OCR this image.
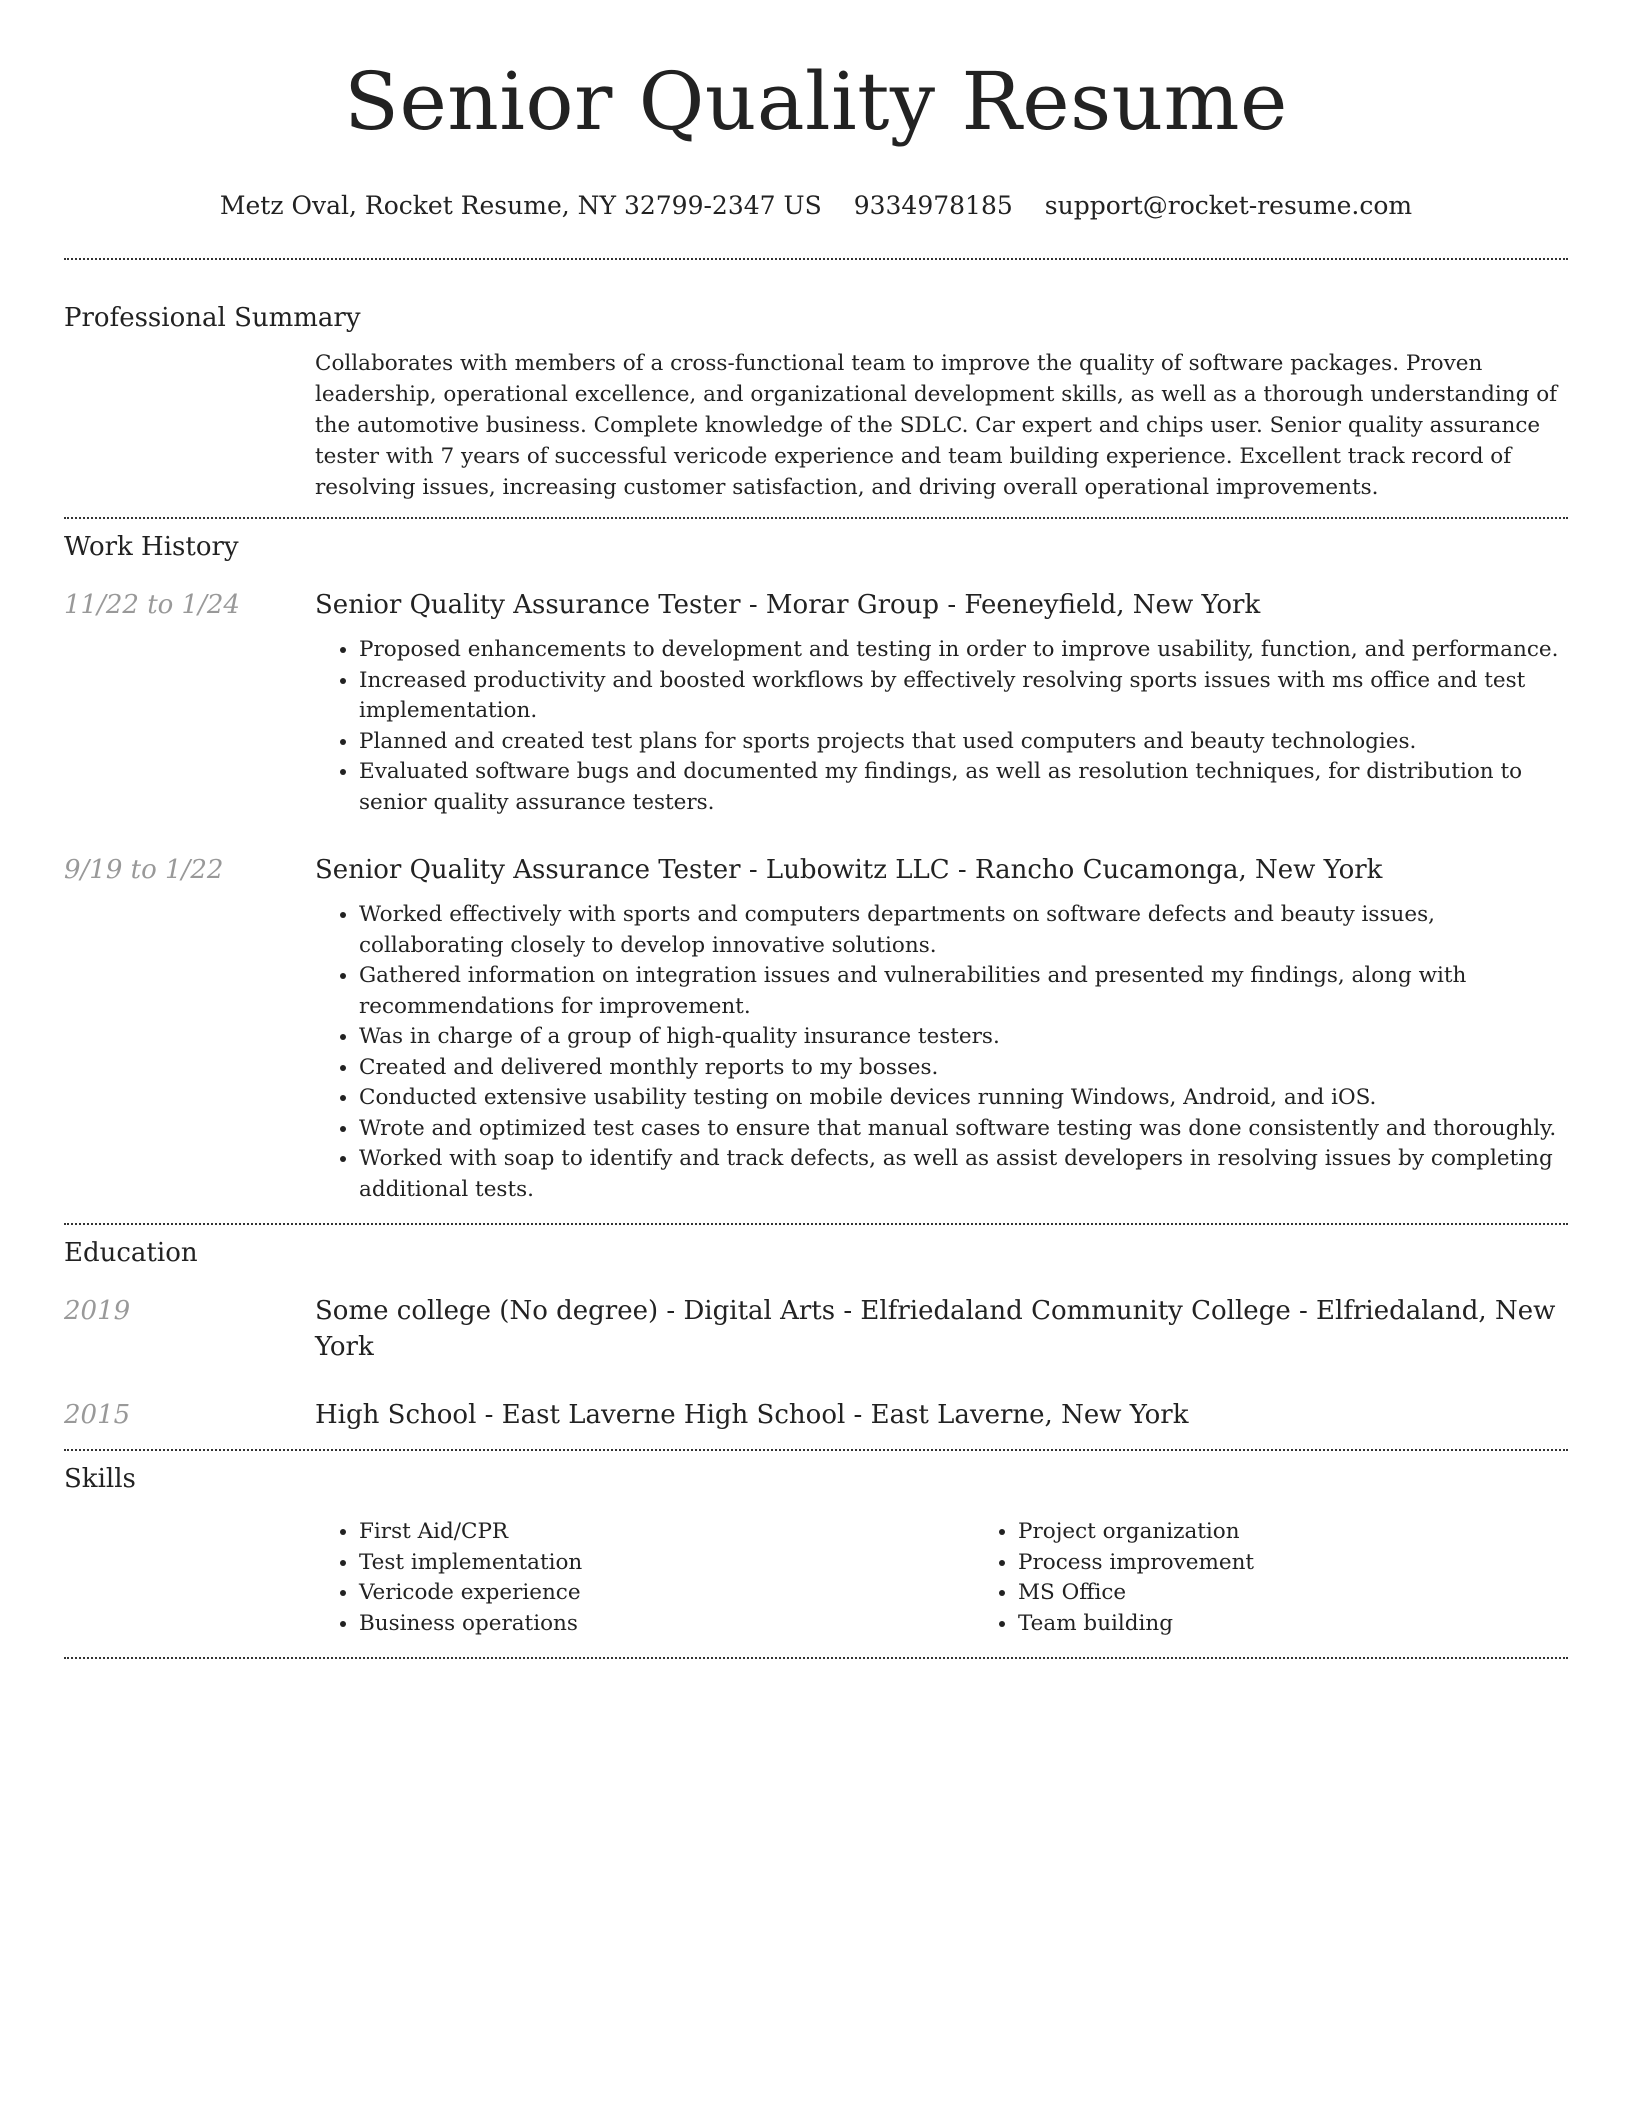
Senior Quality Resume
Metz Oval, Rocket Resume, NY 32799-2347 US 9334978185 support@rocket-resume.com
Professional Summary

Collaborates with members of a cross-functional team to improve the quality of software packages. Proven leadership, operational excellence, and organizational development skills, as well as a thorough understanding of the automotive business. Complete knowledge of the SDLC. Car expert and chips user. Senior quality assurance tester with 7 years of successful vericode experience and team building experience. Excellent track record of resolving issues, increasing customer satisfaction, and driving overall operational improvements.

Work History
11/22 to 1/24	Senior Quality Assurance Tester - Morar Group - Feeneyfield, New York
• Proposed enhancements to development and testing in order to improve usability, function, and performance.
• Increased productivity and boosted workflows by effectively resolving sports issues with ms office and test implementation.
• Planned and created test plans for sports projects that used computers and beauty technologies.
• Evaluated software bugs and documented my findings, as well as resolution techniques, for distribution to senior quality assurance testers.
9/19 to 1/22	Senior Quality Assurance Tester - Lubowitz LLC - Rancho Cucamonga, New York
• Worked effectively with sports and computers departments on software defects and beauty issues, collaborating closely to develop innovative solutions.
• Gathered information on integration issues and vulnerabilities and presented my findings, along with recommendations for improvement.
• Was in charge of a group of high-quality insurance testers.
• Created and delivered monthly reports to my bosses.
• Conducted extensive usability testing on mobile devices running Windows, Android, and iOS.
• Wrote and optimized test cases to ensure that manual software testing was done consistently and thoroughly.
• Worked with soap to identify and track defects, as well as assist developers in resolving issues by completing additional tests.
Education
2019	Some college (No degree) - Digital Arts - Elfriedaland Community College - Elfriedaland, New York
2015	High School - East Laverne High School - East Laverne, New York
Skills
• First Aid/CPR
• Test implementation
• Vericode experience
• Business operations
• Project organization
• Process improvement
• MS Office
• Team building
